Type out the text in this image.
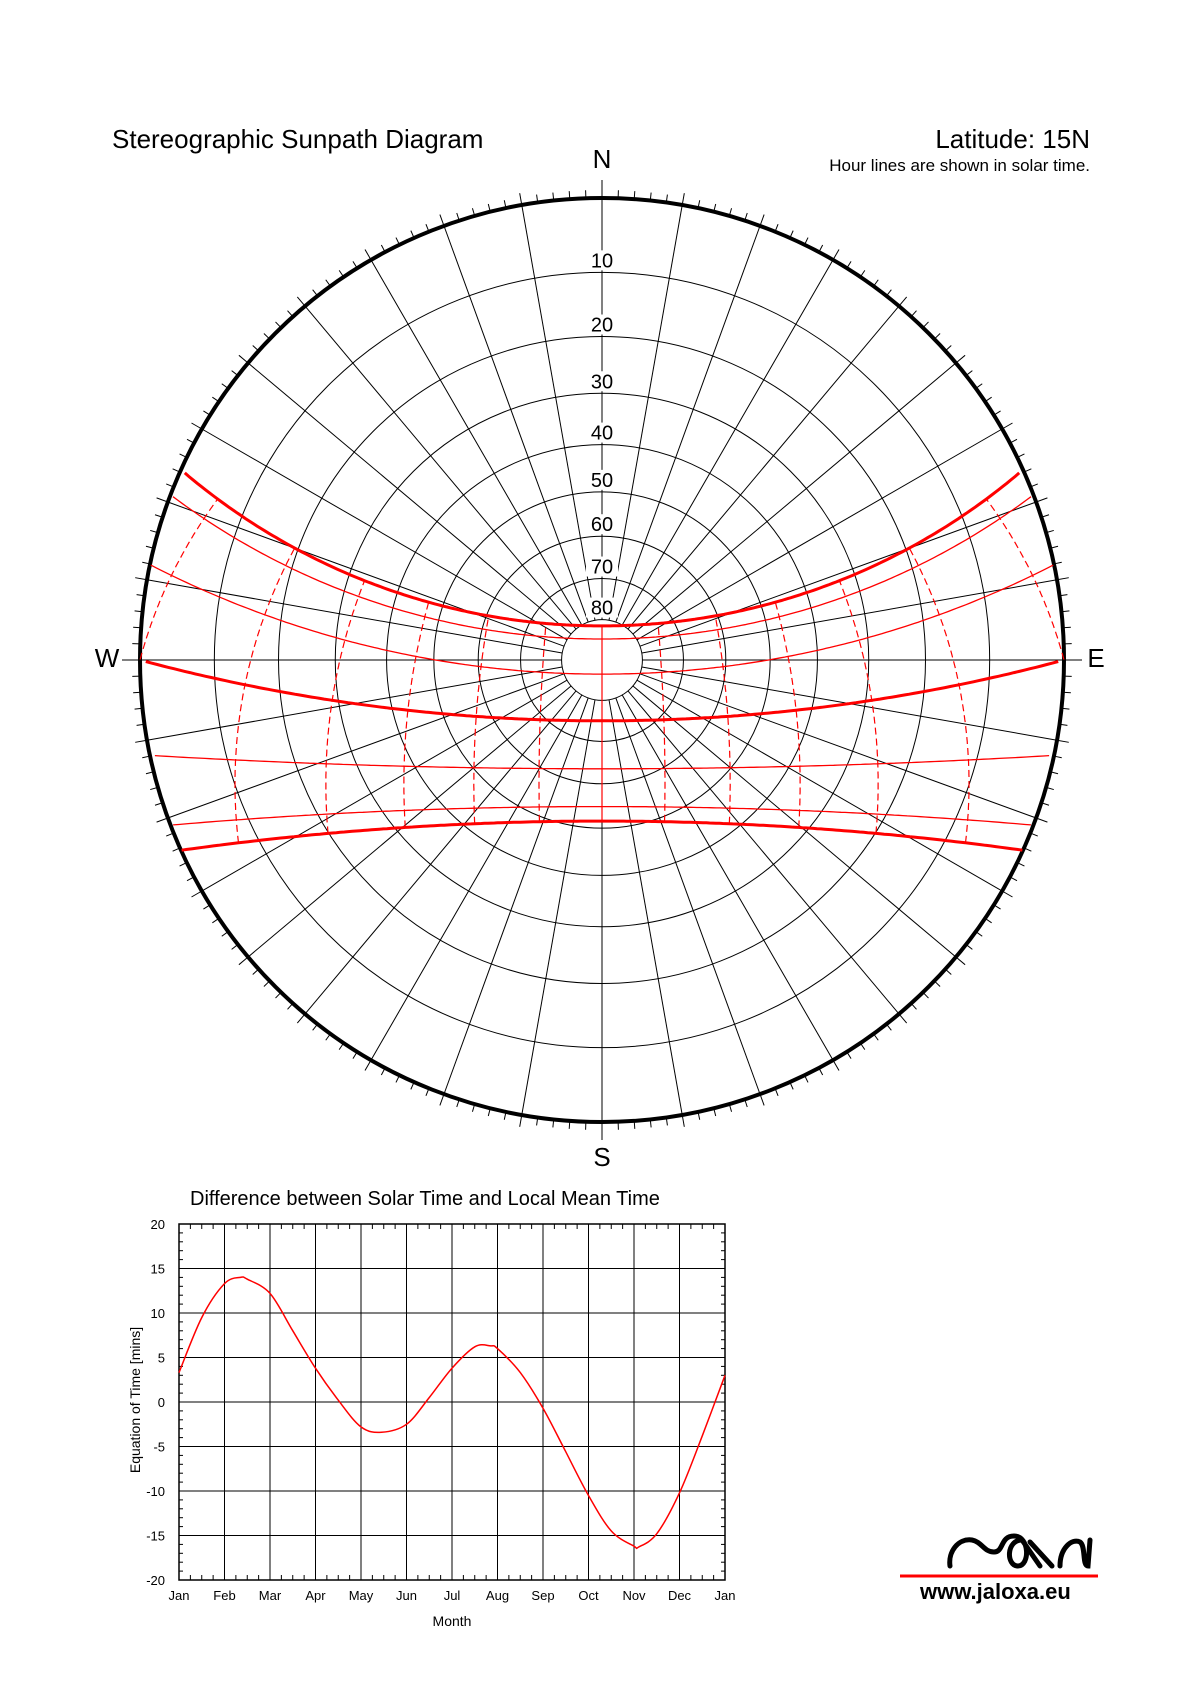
Stereographic Sunpath Diagram	Latitude: 15N
Hour lines are shown in solar time.
N
S
W	E
10
20
30
40
50
60
70
80
Difference between Solar Time and Local Mean Time
Jan Feb Mar Apr May Jun Jul Aug Sep Oct Nov Dec Jan
20
15
10
5
0
-5
-10
-15
-20
Month
Equation of Time [mins]
www.jaloxa.eu
